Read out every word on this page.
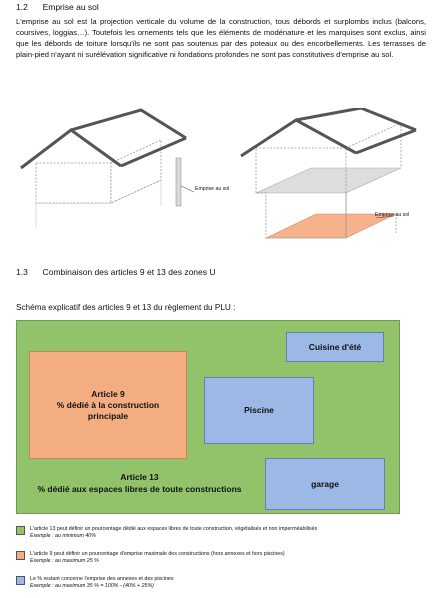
1.2 Emprise au sol
L'emprise au sol est la projection verticale du volume de la construction, tous débords et surplombs inclus (balcons, coursives, loggias…). Toutefois les ornements tels que les éléments de modénature et les marquises sont exclus, ainsi que les débords de toiture lorsqu'ils ne sont pas soutenus par des poteaux ou des encorbellements. Les terrasses de plain-pied n'ayant ni surélévation significative ni fondations profondes ne sont pas constitutives d'emprise au sol.
Emprise au sol
Emprise au sol
1.3 Combinaison des articles 9 et 13 des zones U
Schéma explicatif des articles 9 et 13 du règlement du PLU :
Cuisine d'été
Article 9
% dédié à la construction
principale
Piscine
Article 13
% dédié aux espaces libres de toute constructions
garage
L'article 13 peut définir un pourcentage dédié aux espaces libres de toute construction, végétalisés et non imperméabilisés
Exemple : au minimum 40%
L'article 9 peut définir un pourcentage d'emprise maximale des constructions (hors annexes et hors piscines)
Exemple : au maximum 25 %
Le % restant concerne l'emprise des annexes et des piscines
Exemple : au maximum 35 % = 100% - (40% + 25%)
